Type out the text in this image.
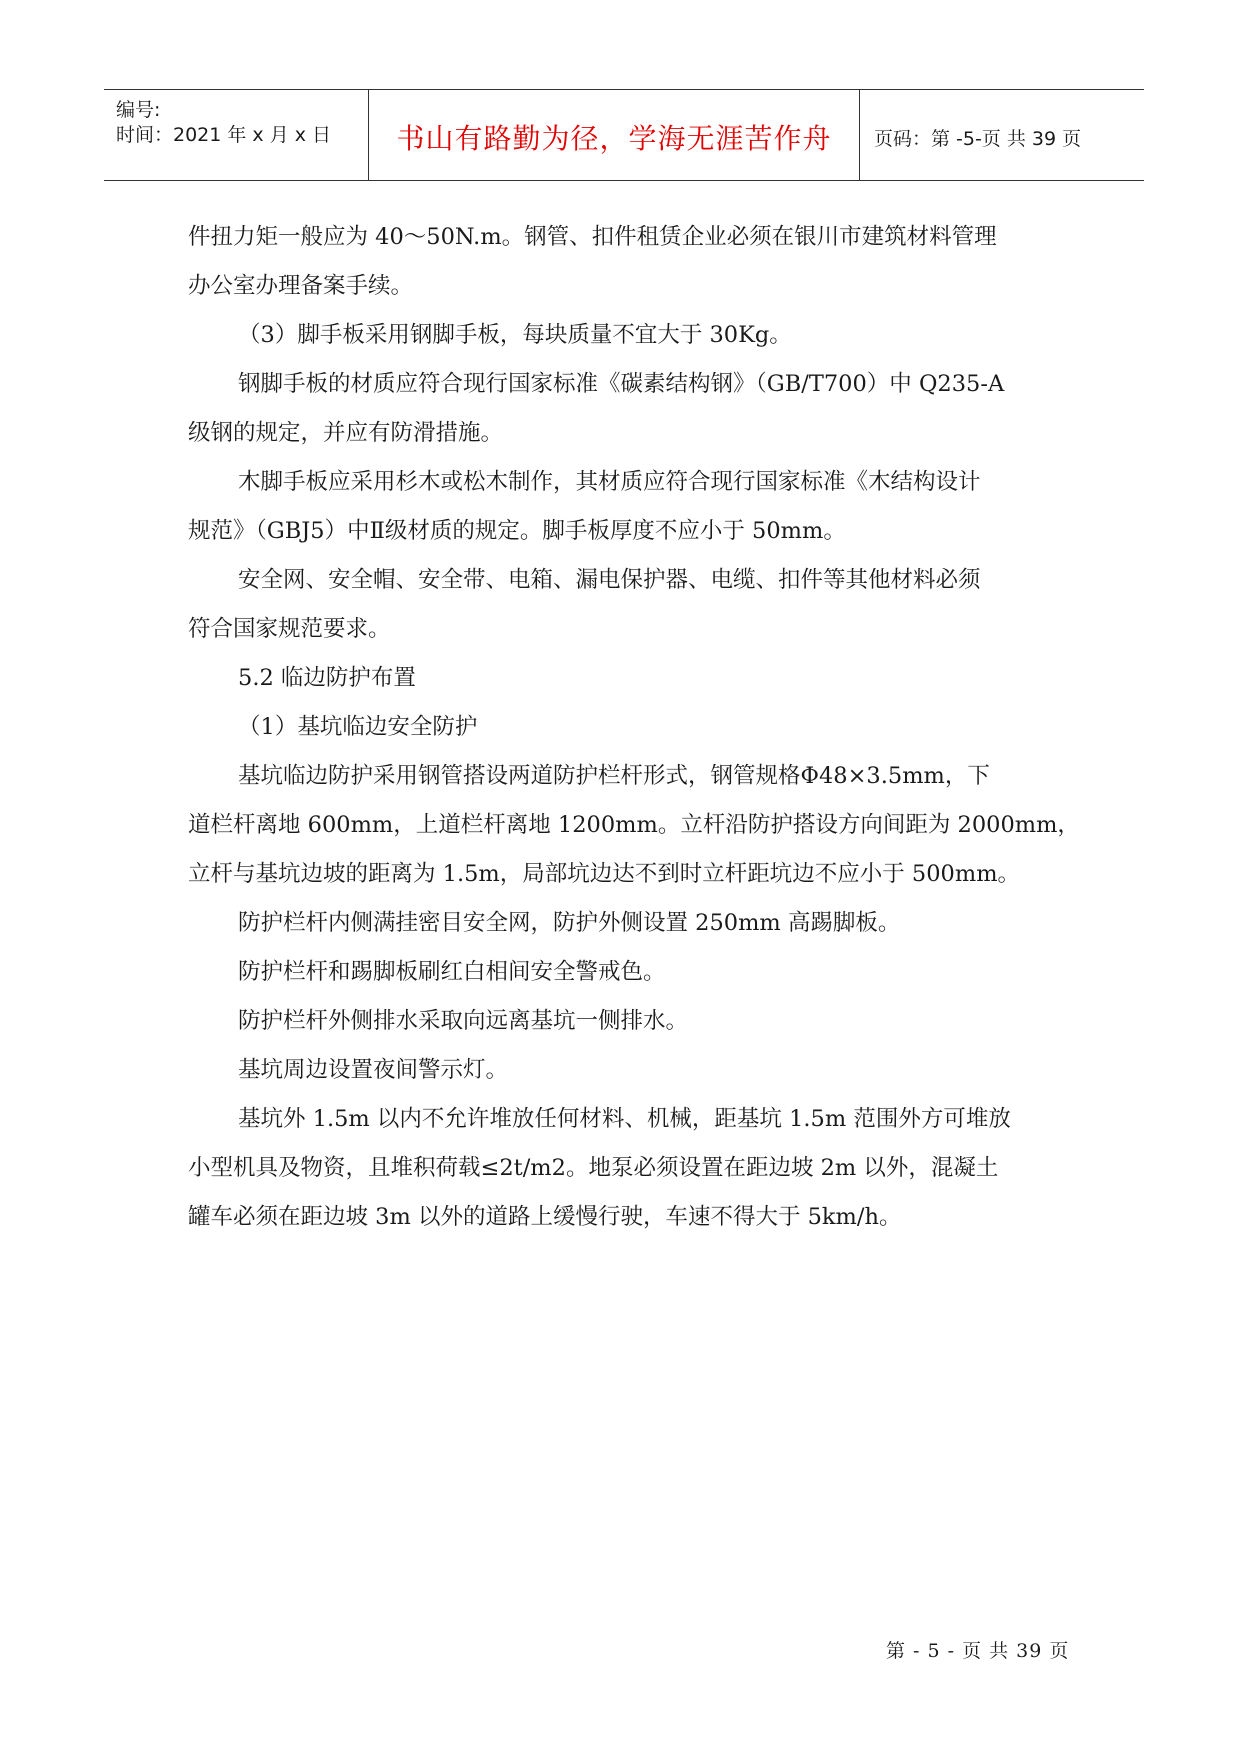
编号:
时间：2021 年 x 月 x 日 书山有路勤为径，学海无涯苦作舟 页码：第 -5-页 共 39 页

件扭力矩一般应为 40～50N.m。钢管、扣件租赁企业必须在银川市建筑材料管理

办公室办理备案手续。

（3）脚手板采用钢脚手板，每块质量不宜大于 30Kg。

钢脚手板的材质应符合现行国家标准《碳素结构钢》（GB/T700）中 Q235-A

级钢的规定，并应有防滑措施。

木脚手板应采用杉木或松木制作，其材质应符合现行国家标准《木结构设计

规范》（GBJ5）中Ⅱ级材质的规定。脚手板厚度不应小于 50mm。

安全网、安全帽、安全带、电箱、漏电保护器、电缆、扣件等其他材料必须

符合国家规范要求。

5.2 临边防护布置

（1）基坑临边安全防护

基坑临边防护采用钢管搭设两道防护栏杆形式，钢管规格Φ48×3.5mm，下

道栏杆离地 600mm，上道栏杆离地 1200mm。立杆沿防护搭设方向间距为 2000mm，

立杆与基坑边坡的距离为 1.5m，局部坑边达不到时立杆距坑边不应小于 500mm。

防护栏杆内侧满挂密目安全网，防护外侧设置 250mm 高踢脚板。

防护栏杆和踢脚板刷红白相间安全警戒色。

防护栏杆外侧排水采取向远离基坑一侧排水。

基坑周边设置夜间警示灯。

基坑外 1.5m 以内不允许堆放任何材料、机械，距基坑 1.5m 范围外方可堆放

小型机具及物资，且堆积荷载≤2t/m2。地泵必须设置在距边坡 2m 以外，混凝土

罐车必须在距边坡 3m 以外的道路上缓慢行驶，车速不得大于 5km/h。

第 - 5 - 页 共 39 页
